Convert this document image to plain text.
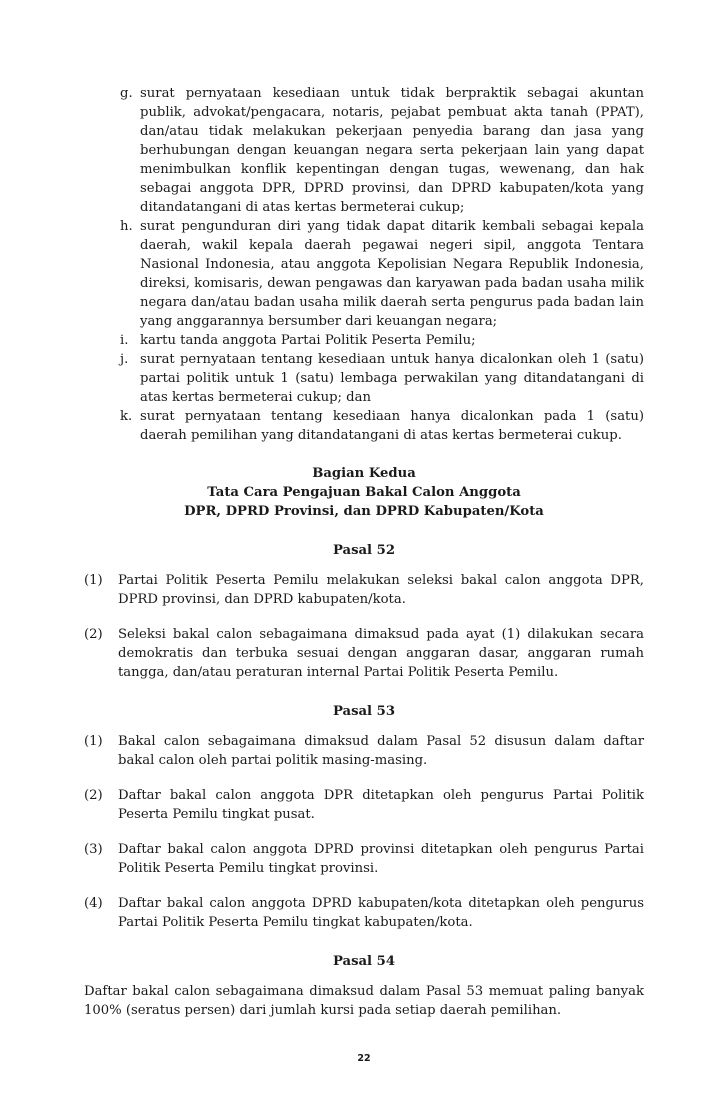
g. surat pernyataan kesediaan untuk tidak berpraktik sebagai akuntan publik, advokat/pengacara, notaris, pejabat pembuat akta tanah (PPAT), dan/atau tidak melakukan pekerjaan penyedia barang dan jasa yang berhubungan dengan keuangan negara serta pekerjaan lain yang dapat menimbulkan konflik kepentingan dengan tugas, wewenang, dan hak sebagai anggota DPR, DPRD provinsi, dan DPRD kabupaten/kota yang ditandatangani di atas kertas bermeterai cukup;
h. surat pengunduran diri yang tidak dapat ditarik kembali sebagai kepala daerah, wakil kepala daerah pegawai negeri sipil, anggota Tentara Nasional Indonesia, atau anggota Kepolisian Negara Republik Indonesia, direksi, komisaris, dewan pengawas dan karyawan pada badan usaha milik negara dan/atau badan usaha milik daerah serta pengurus pada badan lain yang anggarannya bersumber dari keuangan negara;
i. kartu tanda anggota Partai Politik Peserta Pemilu;
j. surat pernyataan tentang kesediaan untuk hanya dicalonkan oleh 1 (satu) partai politik untuk 1 (satu) lembaga perwakilan yang ditandatangani di atas kertas bermeterai cukup; dan
k. surat pernyataan tentang kesediaan hanya dicalonkan pada 1 (satu) daerah pemilihan yang ditandatangani di atas kertas bermeterai cukup.
Bagian Kedua
Tata Cara Pengajuan Bakal Calon Anggota
DPR, DPRD Provinsi, dan DPRD Kabupaten/Kota
Pasal 52
(1) Partai Politik Peserta Pemilu melakukan seleksi bakal calon anggota DPR, DPRD provinsi, dan DPRD kabupaten/kota.
(2) Seleksi bakal calon sebagaimana dimaksud pada ayat (1) dilakukan secara demokratis dan terbuka sesuai dengan anggaran dasar, anggaran rumah tangga, dan/atau peraturan internal Partai Politik Peserta Pemilu.
Pasal 53
(1) Bakal calon sebagaimana dimaksud dalam Pasal 52 disusun dalam daftar bakal calon oleh partai politik masing-masing.
(2) Daftar bakal calon anggota DPR ditetapkan oleh pengurus Partai Politik Peserta Pemilu tingkat pusat.
(3) Daftar bakal calon anggota DPRD provinsi ditetapkan oleh pengurus Partai Politik Peserta Pemilu tingkat provinsi.
(4) Daftar bakal calon anggota DPRD kabupaten/kota ditetapkan oleh pengurus Partai Politik Peserta Pemilu tingkat kabupaten/kota.
Pasal 54
Daftar bakal calon sebagaimana dimaksud dalam Pasal 53 memuat paling banyak 100% (seratus persen) dari jumlah kursi pada setiap daerah pemilihan.
22
